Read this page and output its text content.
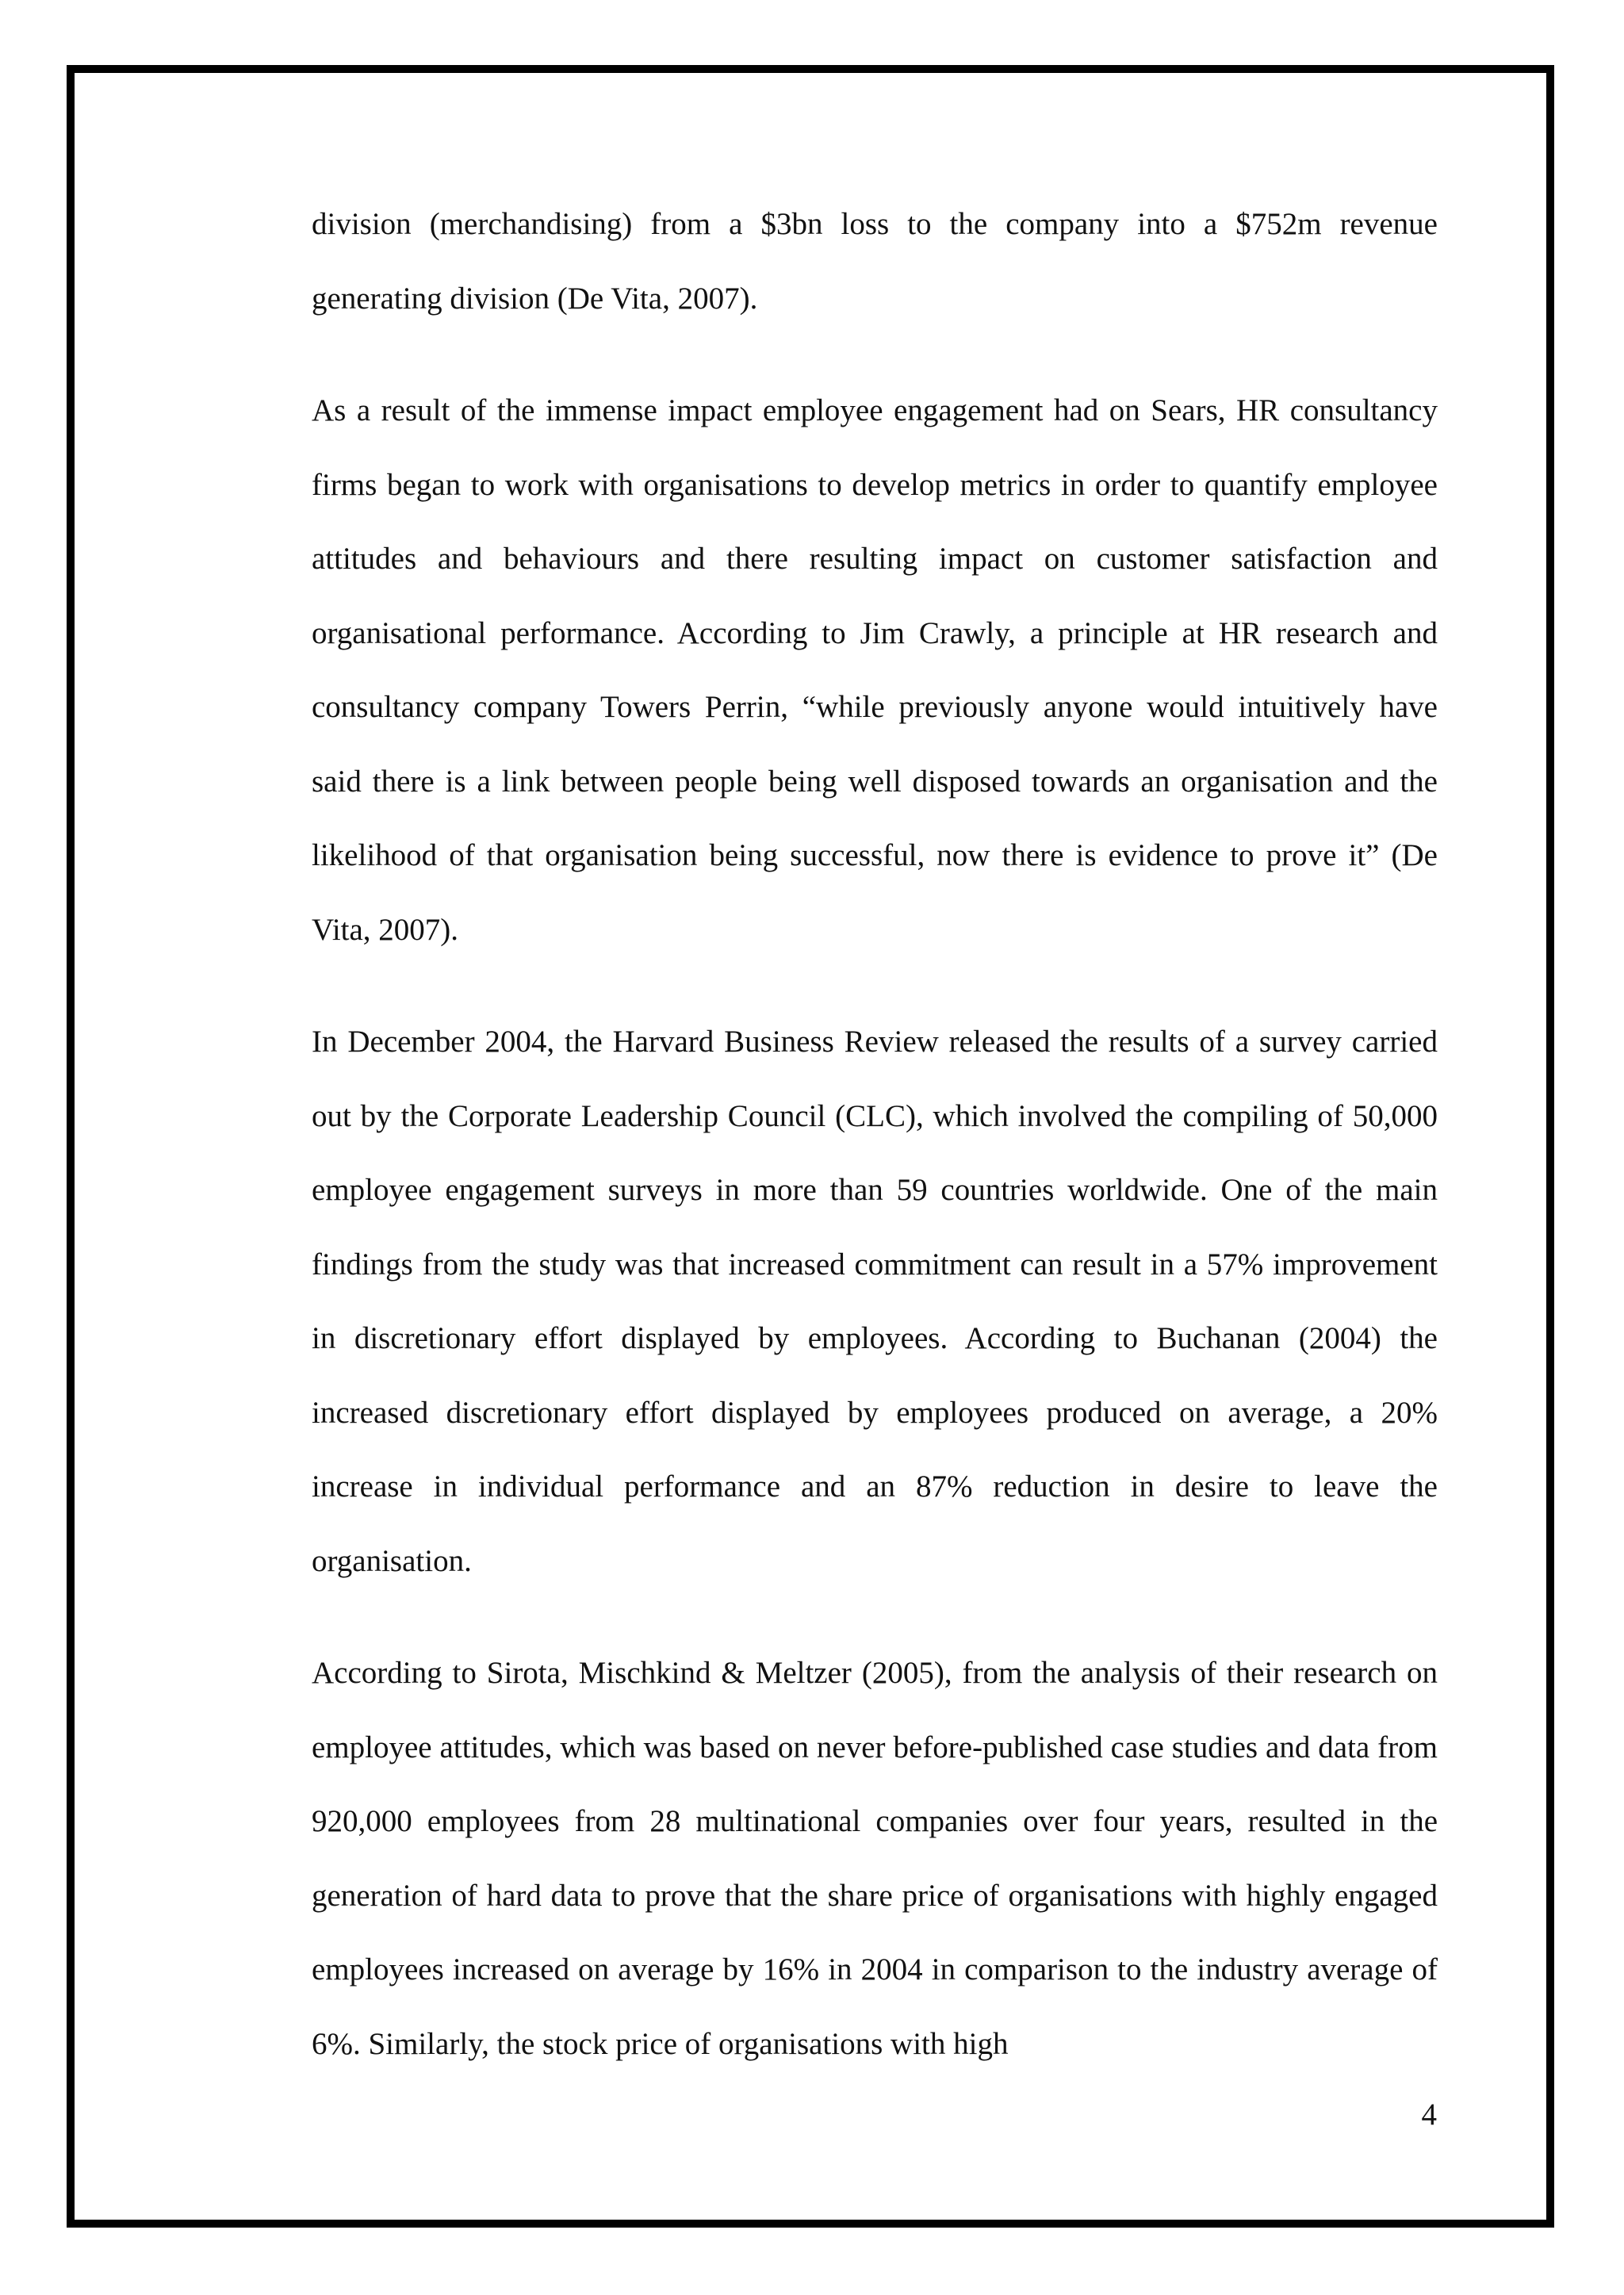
division (merchandising) from a $3bn loss to the company into a $752m revenue generating division (De Vita, 2007).

As a result of the immense impact employee engagement had on Sears, HR consultancy firms began to work with organisations to develop metrics in order to quantify employee attitudes and behaviours and there resulting impact on customer satisfaction and organisational performance. According to Jim Crawly, a principle at HR research and consultancy company Towers Perrin, “while previously anyone would intuitively have said there is a link between people being well disposed towards an organisation and the likelihood of that organisation being successful, now there is evidence to prove it” (De Vita, 2007).

In December 2004, the Harvard Business Review released the results of a survey carried out by the Corporate Leadership Council (CLC), which involved the compiling of 50,000 employee engagement surveys in more than 59 countries worldwide. One of the main findings from the study was that increased commitment can result in a 57% improvement in discretionary effort displayed by employees. According to Buchanan (2004) the increased discretionary effort displayed by employees produced on average, a 20% increase in individual performance and an 87% reduction in desire to leave the organisation.

According to Sirota, Mischkind & Meltzer (2005), from the analysis of their research on employee attitudes, which was based on never before-published case studies and data from 920,000 employees from 28 multinational companies over four years, resulted in the generation of hard data to prove that the share price of organisations with highly engaged employees increased on average by 16% in 2004 in comparison to the industry average of 6%. Similarly, the stock price of organisations with high

4
